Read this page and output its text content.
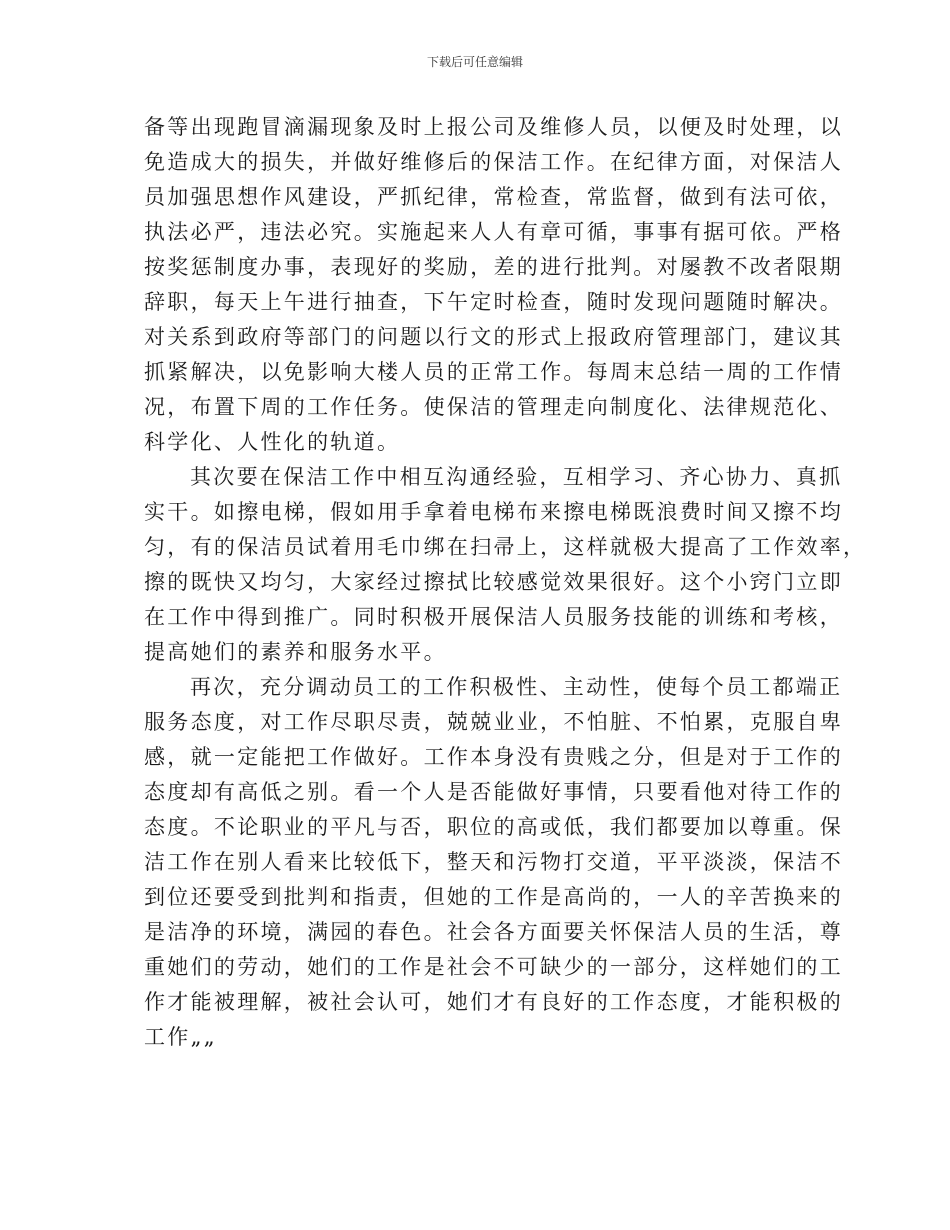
下载后可任意编辑
备等出现跑冒滴漏现象及时上报公司及维修人员，以便及时处理，以
免造成大的损失，并做好维修后的保洁工作。在纪律方面，对保洁人
员加强思想作风建设，严抓纪律，常检查，常监督，做到有法可依，
执法必严，违法必究。实施起来人人有章可循，事事有据可依。严格
按奖惩制度办事，表现好的奖励，差的进行批判。对屡教不改者限期
辞职，每天上午进行抽查，下午定时检查，随时发现问题随时解决。
对关系到政府等部门的问题以行文的形式上报政府管理部门，建议其
抓紧解决，以免影响大楼人员的正常工作。每周末总结一周的工作情
况，布置下周的工作任务。使保洁的管理走向制度化、法律规范化、
科学化、人性化的轨道。
其次要在保洁工作中相互沟通经验，互相学习、齐心协力、真抓
实干。如擦电梯，假如用手拿着电梯布来擦电梯既浪费时间又擦不均
匀，有的保洁员试着用毛巾绑在扫帚上，这样就极大提高了工作效率，
擦的既快又均匀，大家经过擦拭比较感觉效果很好。这个小窍门立即
在工作中得到推广。同时积极开展保洁人员服务技能的训练和考核，
提高她们的素养和服务水平。
再次，充分调动员工的工作积极性、主动性，使每个员工都端正
服务态度，对工作尽职尽责，兢兢业业，不怕脏、不怕累，克服自卑
感，就一定能把工作做好。工作本身没有贵贱之分，但是对于工作的
态度却有高低之别。看一个人是否能做好事情，只要看他对待工作的
态度。不论职业的平凡与否，职位的高或低，我们都要加以尊重。保
洁工作在别人看来比较低下，整天和污物打交道，平平淡淡，保洁不
到位还要受到批判和指责，但她的工作是高尚的，一人的辛苦换来的
是洁净的环境，满园的春色。社会各方面要关怀保洁人员的生活，尊
重她们的劳动，她们的工作是社会不可缺少的一部分，这样她们的工
作才能被理解，被社会认可，她们才有良好的工作态度，才能积极的
工作„„
